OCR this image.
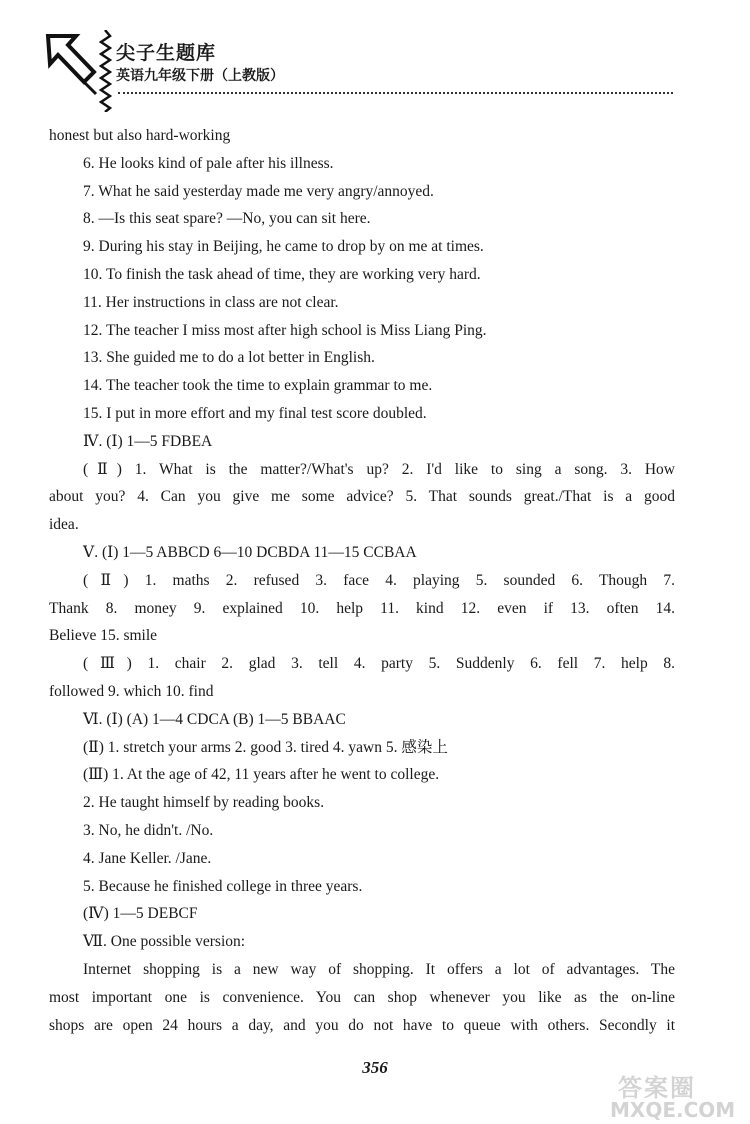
尖子生题库
英语九年级下册（上教版）
honest but also hard-working
6. He looks kind of pale after his illness.
7. What he said yesterday made me very angry/annoyed.
8. —Is this seat spare? —No, you can sit here.
9. During his stay in Beijing, he came to drop by on me at times.
10. To finish the task ahead of time, they are working very hard.
11. Her instructions in class are not clear.
12. The teacher I miss most after high school is Miss Liang Ping.
13. She guided me to do a lot better in English.
14. The teacher took the time to explain grammar to me.
15. I put in more effort and my final test score doubled.
Ⅳ. (Ⅰ) 1—5 FDBEA
(Ⅱ) 1. What is the matter?/What's up? 2. I'd like to sing a song. 3. How
about you? 4. Can you give me some advice? 5. That sounds great./That is a good
idea.
Ⅴ. (Ⅰ) 1—5 ABBCD 6—10 DCBDA 11—15 CCBAA
(Ⅱ) 1. maths 2. refused 3. face 4. playing 5. sounded 6. Though 7.
Thank 8. money 9. explained 10. help 11. kind 12. even if 13. often 14.
Believe 15. smile
(Ⅲ) 1. chair 2. glad 3. tell 4. party 5. Suddenly 6. fell 7. help 8.
followed 9. which 10. find
Ⅵ. (Ⅰ) (A) 1—4 CDCA (B) 1—5 BBAAC
(Ⅱ) 1. stretch your arms 2. good 3. tired 4. yawn 5. 感染上
(Ⅲ) 1. At the age of 42, 11 years after he went to college.
2. He taught himself by reading books.
3. No, he didn't. /No.
4. Jane Keller. /Jane.
5. Because he finished college in three years.
(Ⅳ) 1—5 DEBCF
Ⅶ. One possible version:
Internet shopping is a new way of shopping. It offers a lot of advantages. The
most important one is convenience. You can shop whenever you like as the on-line
shops are open 24 hours a day, and you do not have to queue with others. Secondly it
356
答案圈
MXQE.COM
